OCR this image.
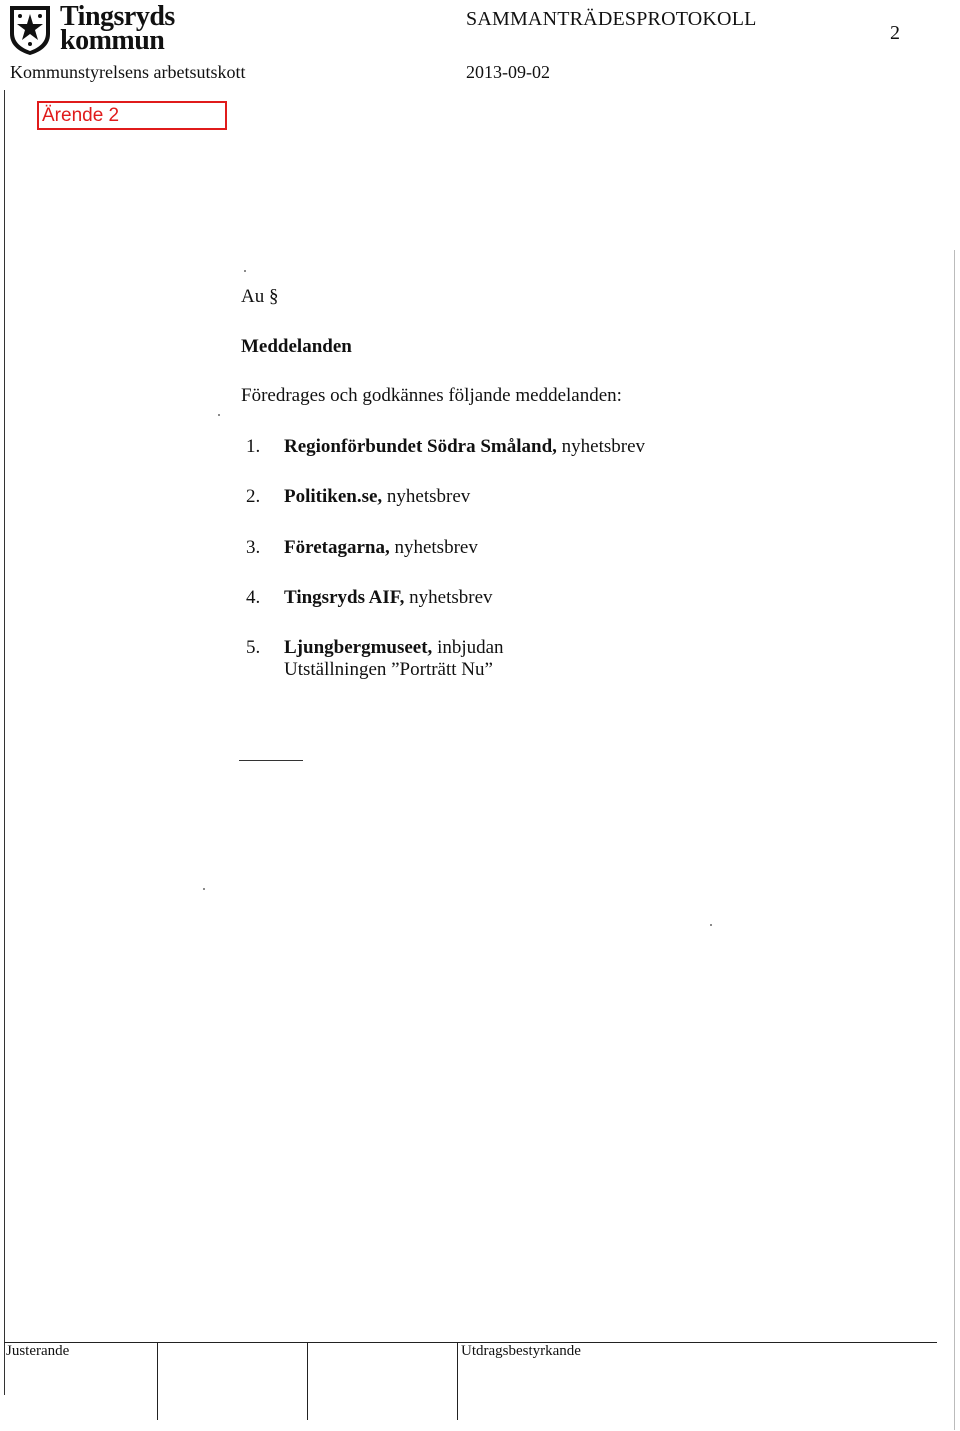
Tingsryds
kommun
Kommunstyrelsens arbetsutskott
SAMMANTRÄDESPROTOKOLL
2013-09-02
2
Ärende 2
Au §
Meddelanden
Föredrages och godkännes följande meddelanden:
1. Regionförbundet Södra Småland, nyhetsbrev
2. Politiken.se, nyhetsbrev
3. Företagarna, nyhetsbrev
4. Tingsryds AIF, nyhetsbrev
5. Ljungbergmuseet, inbjudan
Utställningen ”Porträtt Nu”
Justerande	Utdragsbestyrkande
